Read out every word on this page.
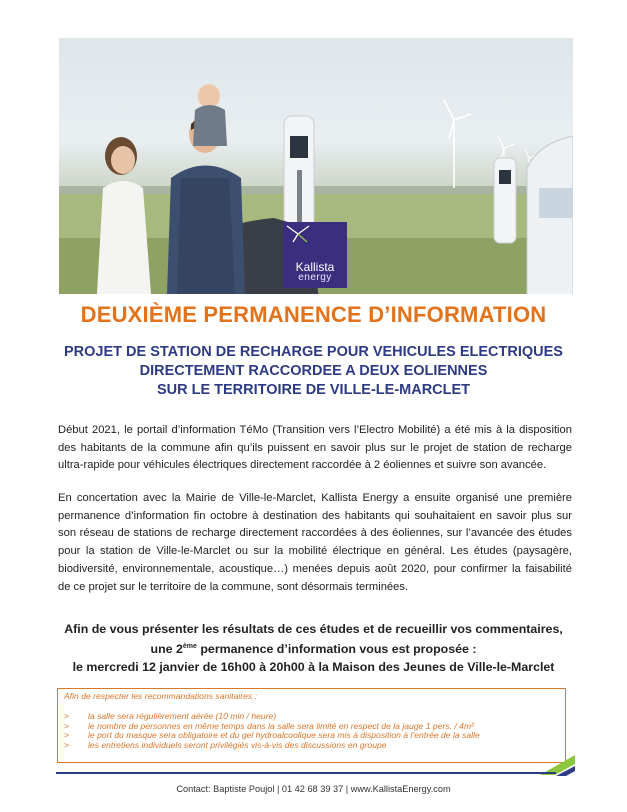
Kallista
energy
DEUXIÈME PERMANENCE D’INFORMATION
PROJET DE STATION DE RECHARGE POUR VEHICULES ELECTRIQUES
DIRECTEMENT RACCORDEE A DEUX EOLIENNES
SUR LE TERRITOIRE DE VILLE-LE-MARCLET
Début 2021, le portail d’information TéMo (Transition vers l’Electro Mobilité) a été mis à la disposition des habitants de la commune afin qu’ils puissent en savoir plus sur le projet de station de recharge ultra-rapide pour véhicules électriques directement raccordée à 2 éoliennes et suivre son avancée.
En concertation avec la Mairie de Ville-le-Marclet, Kallista Energy a ensuite organisé une première permanence d’information fin octobre à destination des habitants qui souhaitaient en savoir plus sur son réseau de stations de recharge directement raccordées à des éoliennes, sur l’avancée des études pour la station de Ville-le-Marclet ou sur la mobilité électrique en général. Les études (paysagère, biodiversité, environnementale, acoustique…) menées depuis août 2020, pour confirmer la faisabilité de ce projet sur le territoire de la commune, sont désormais terminées.
Afin de vous présenter les résultats de ces études et de recueillir vos commentaires,
une 2ème permanence d’information vous est proposée :
le mercredi 12 janvier de 16h00 à 20h00 à la Maison des Jeunes de Ville-le-Marclet
Afin de respecter les recommandations sanitaires :
> la salle sera régulièrement aérée (10 min / heure)
> le nombre de personnes en même temps dans la salle sera limité en respect de la jauge 1 pers. / 4m²
> le port du masque sera obligatoire et du gel hydroalcoolique sera mis à disposition à l’entrée de la salle
> les entretiens individuels seront privilégiés vis-à-vis des discussions en groupe
Contact: Baptiste Poujol | 01 42 68 39 37 | www.KallistaEnergy.com
